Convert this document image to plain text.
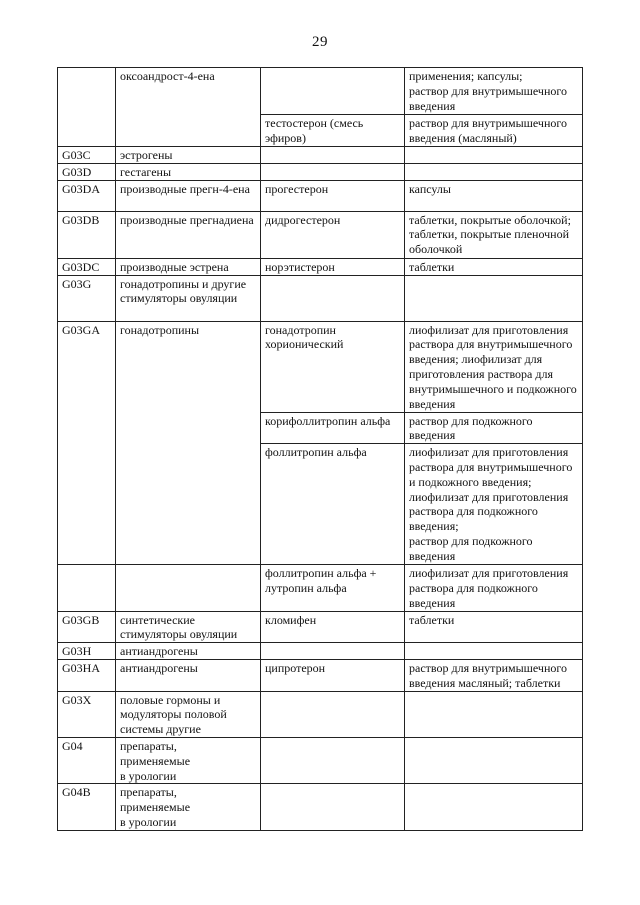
29
	оксоандрост-4-ена		применения; капсулы;
раствор для внутримышечного введения
		тестостерон (смесь эфиров)	раствор для внутримышечного введения (масляный)
G03C	эстрогены		
G03D	гестагены		
G03DA	производные прегн-4-ена	прогестерон	капсулы
G03DB	производные прегнадиена	дидрогестерон	таблетки, покрытые оболочкой;
таблетки, покрытые пленочной оболочкой
G03DC	производные эстрена	норэтистерон	таблетки
G03G	гонадотропины и другие стимуляторы овуляции		
G03GA	гонадотропины	гонадотропин хорионический	лиофилизат для приготовления раствора для внутримышечного введения; лиофилизат для приготовления раствора для внутримышечного и подкожного введения
		корифоллитропин альфа	раствор для подкожного введения
		фоллитропин альфа	лиофилизат для приготовления раствора для внутримышечного и подкожного введения;
лиофилизат для приготовления раствора для подкожного введения;
раствор для подкожного введения
		фоллитропин альфа + лутропин альфа	лиофилизат для приготовления раствора для подкожного введения
G03GB	синтетические стимуляторы овуляции	кломифен	таблетки
G03H	антиандрогены		
G03HA	антиандрогены	ципротерон	раствор для внутримышечного введения масляный; таблетки
G03X	половые гормоны и модуляторы половой системы другие		
G04	препараты,
применяемые
в урологии		
G04B	препараты,
применяемые
в урологии		
